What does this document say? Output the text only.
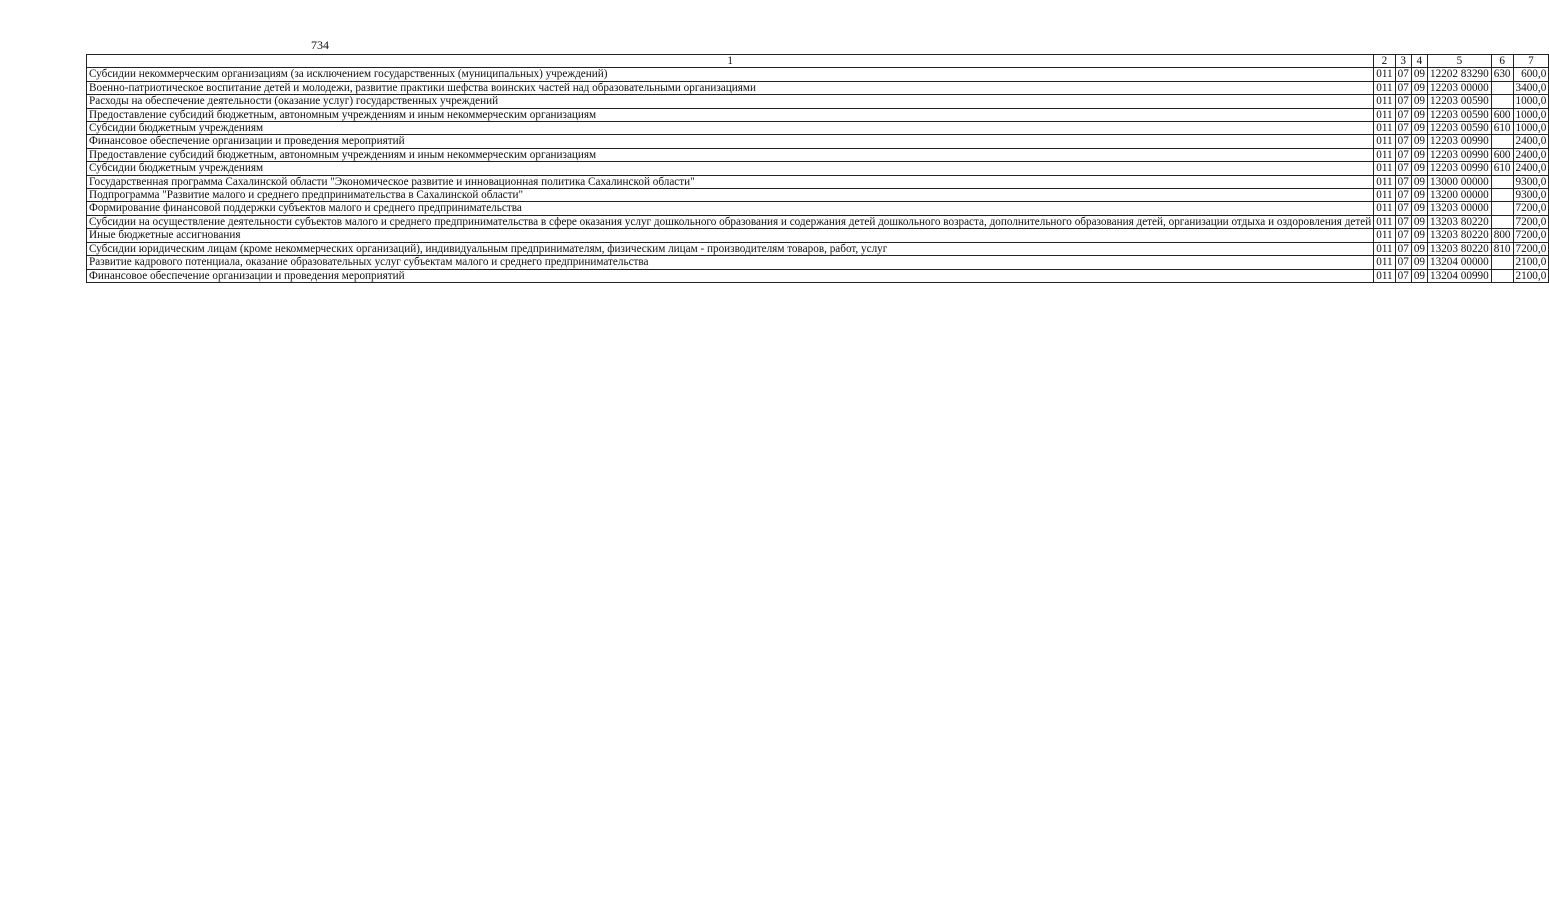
734
1	2	3	4	5	6	7
Субсидии некоммерческим организациям (за исключением государственных (муниципальных) учреждений)	011	07	09	12202 83290	630	600,0
Военно-патриотическое воспитание детей и молодежи, развитие практики шефства воинских частей над образовательными организациями	011	07	09	12203 00000		3400,0
Расходы на обеспечение деятельности (оказание услуг) государственных учреждений	011	07	09	12203 00590		1000,0
Предоставление субсидий бюджетным, автономным учреждениям и иным некоммерческим организациям	011	07	09	12203 00590	600	1000,0
Субсидии бюджетным учреждениям	011	07	09	12203 00590	610	1000,0
Финансовое обеспечение организации и проведения мероприятий	011	07	09	12203 00990		2400,0
Предоставление субсидий бюджетным, автономным учреждениям и иным некоммерческим организациям	011	07	09	12203 00990	600	2400,0
Субсидии бюджетным учреждениям	011	07	09	12203 00990	610	2400,0
Государственная программа Сахалинской области "Экономическое развитие и инновационная политика Сахалинской области"	011	07	09	13000 00000		9300,0
Подпрограмма "Развитие малого и среднего предпринимательства в Сахалинской области"	011	07	09	13200 00000		9300,0
Формирование финансовой поддержки субъектов малого и среднего предпринимательства	011	07	09	13203 00000		7200,0
Субсидии на осуществление деятельности субъектов малого и среднего предпринимательства в сфере оказания услуг дошкольного образования и содержания детей дошкольного возраста, дополнительного образования детей, организации отдыха и оздоровления детей	011	07	09	13203 80220		7200,0
Иные бюджетные ассигнования	011	07	09	13203 80220	800	7200,0
Субсидии юридическим лицам (кроме некоммерческих организаций), индивидуальным предпринимателям, физическим лицам - производителям товаров, работ, услуг	011	07	09	13203 80220	810	7200,0
Развитие кадрового потенциала, оказание образовательных услуг субъектам малого и среднего предпринимательства	011	07	09	13204 00000		2100,0
Финансовое обеспечение организации и проведения мероприятий	011	07	09	13204 00990		2100,0
